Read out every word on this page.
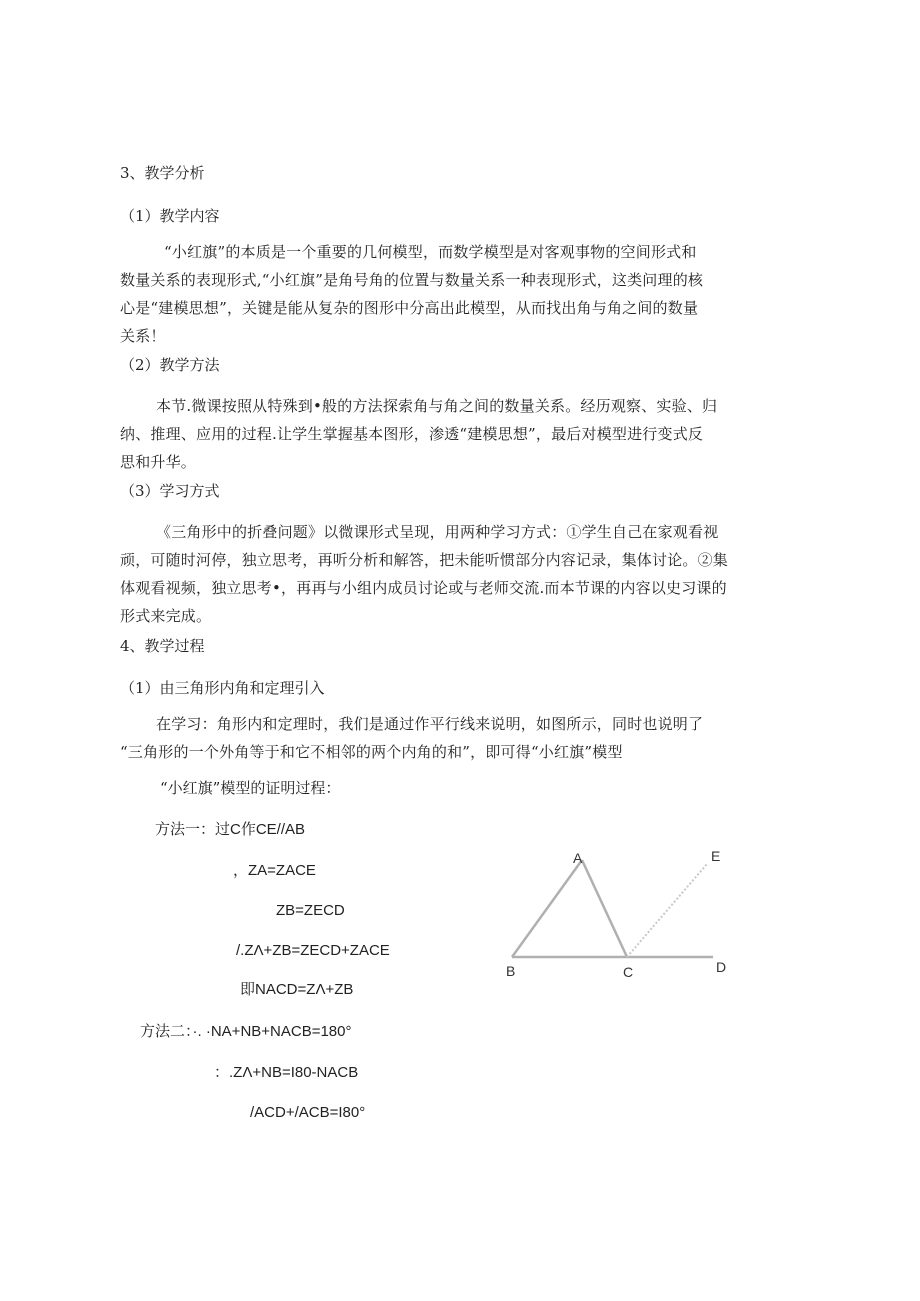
3、教学分析
（1）教学内容
“小红旗”的本质是一个重要的几何模型，而数学模型是对客观事物的空间形式和
数量关系的表现形式,“小红旗”是角号角的位置与数量关系一种表现形式，这类问理的核
心是“建模思想”，关键是能从复杂的图形中分高出此模型，从而找出角与角之间的数量
关系！
（2）教学方法
本节.微课按照从特殊到•般的方法探索角与角之间的数量关系。经历观察、实验、归
纳、推理、应用的过程.让学生掌握基本图形，渗透“建模思想”，最后对模型进行变式反
思和升华。
（3）学习方式
《三角形中的折叠问题》以微课形式呈现，用两种学习方式：①学生自己在家观看视
顽，可随时河停，独立思考，再听分析和解答，把未能听惯部分内容记录，集体讨论。②集
体观看视频，独立思考•，再再与小组内成员讨论或与老师交流.而本节课的内容以史习课的
形式来完成。
4、教学过程
（1）由三角形内角和定理引入
在学习：角形内和定理时，我们是通过作平行线来说明，如图所示，同时也说明了
“三角形的一个外角等于和它不相邻的两个内角的和”，即可得“小红旗”模型
“小红旗”模型的证明过程：
方法一：过C作CE//AB
，ZA=ZACE
ZB=ZECD
/.ZΛ+ZB=ZECD+ZACE
即NACD=ZΛ+ZB
方法二：·. ·NA+NB+NACB=180°
：.ZΛ+NB=I80-NACB
/ACD+/ACB=I80°
A
B	C	D
E
